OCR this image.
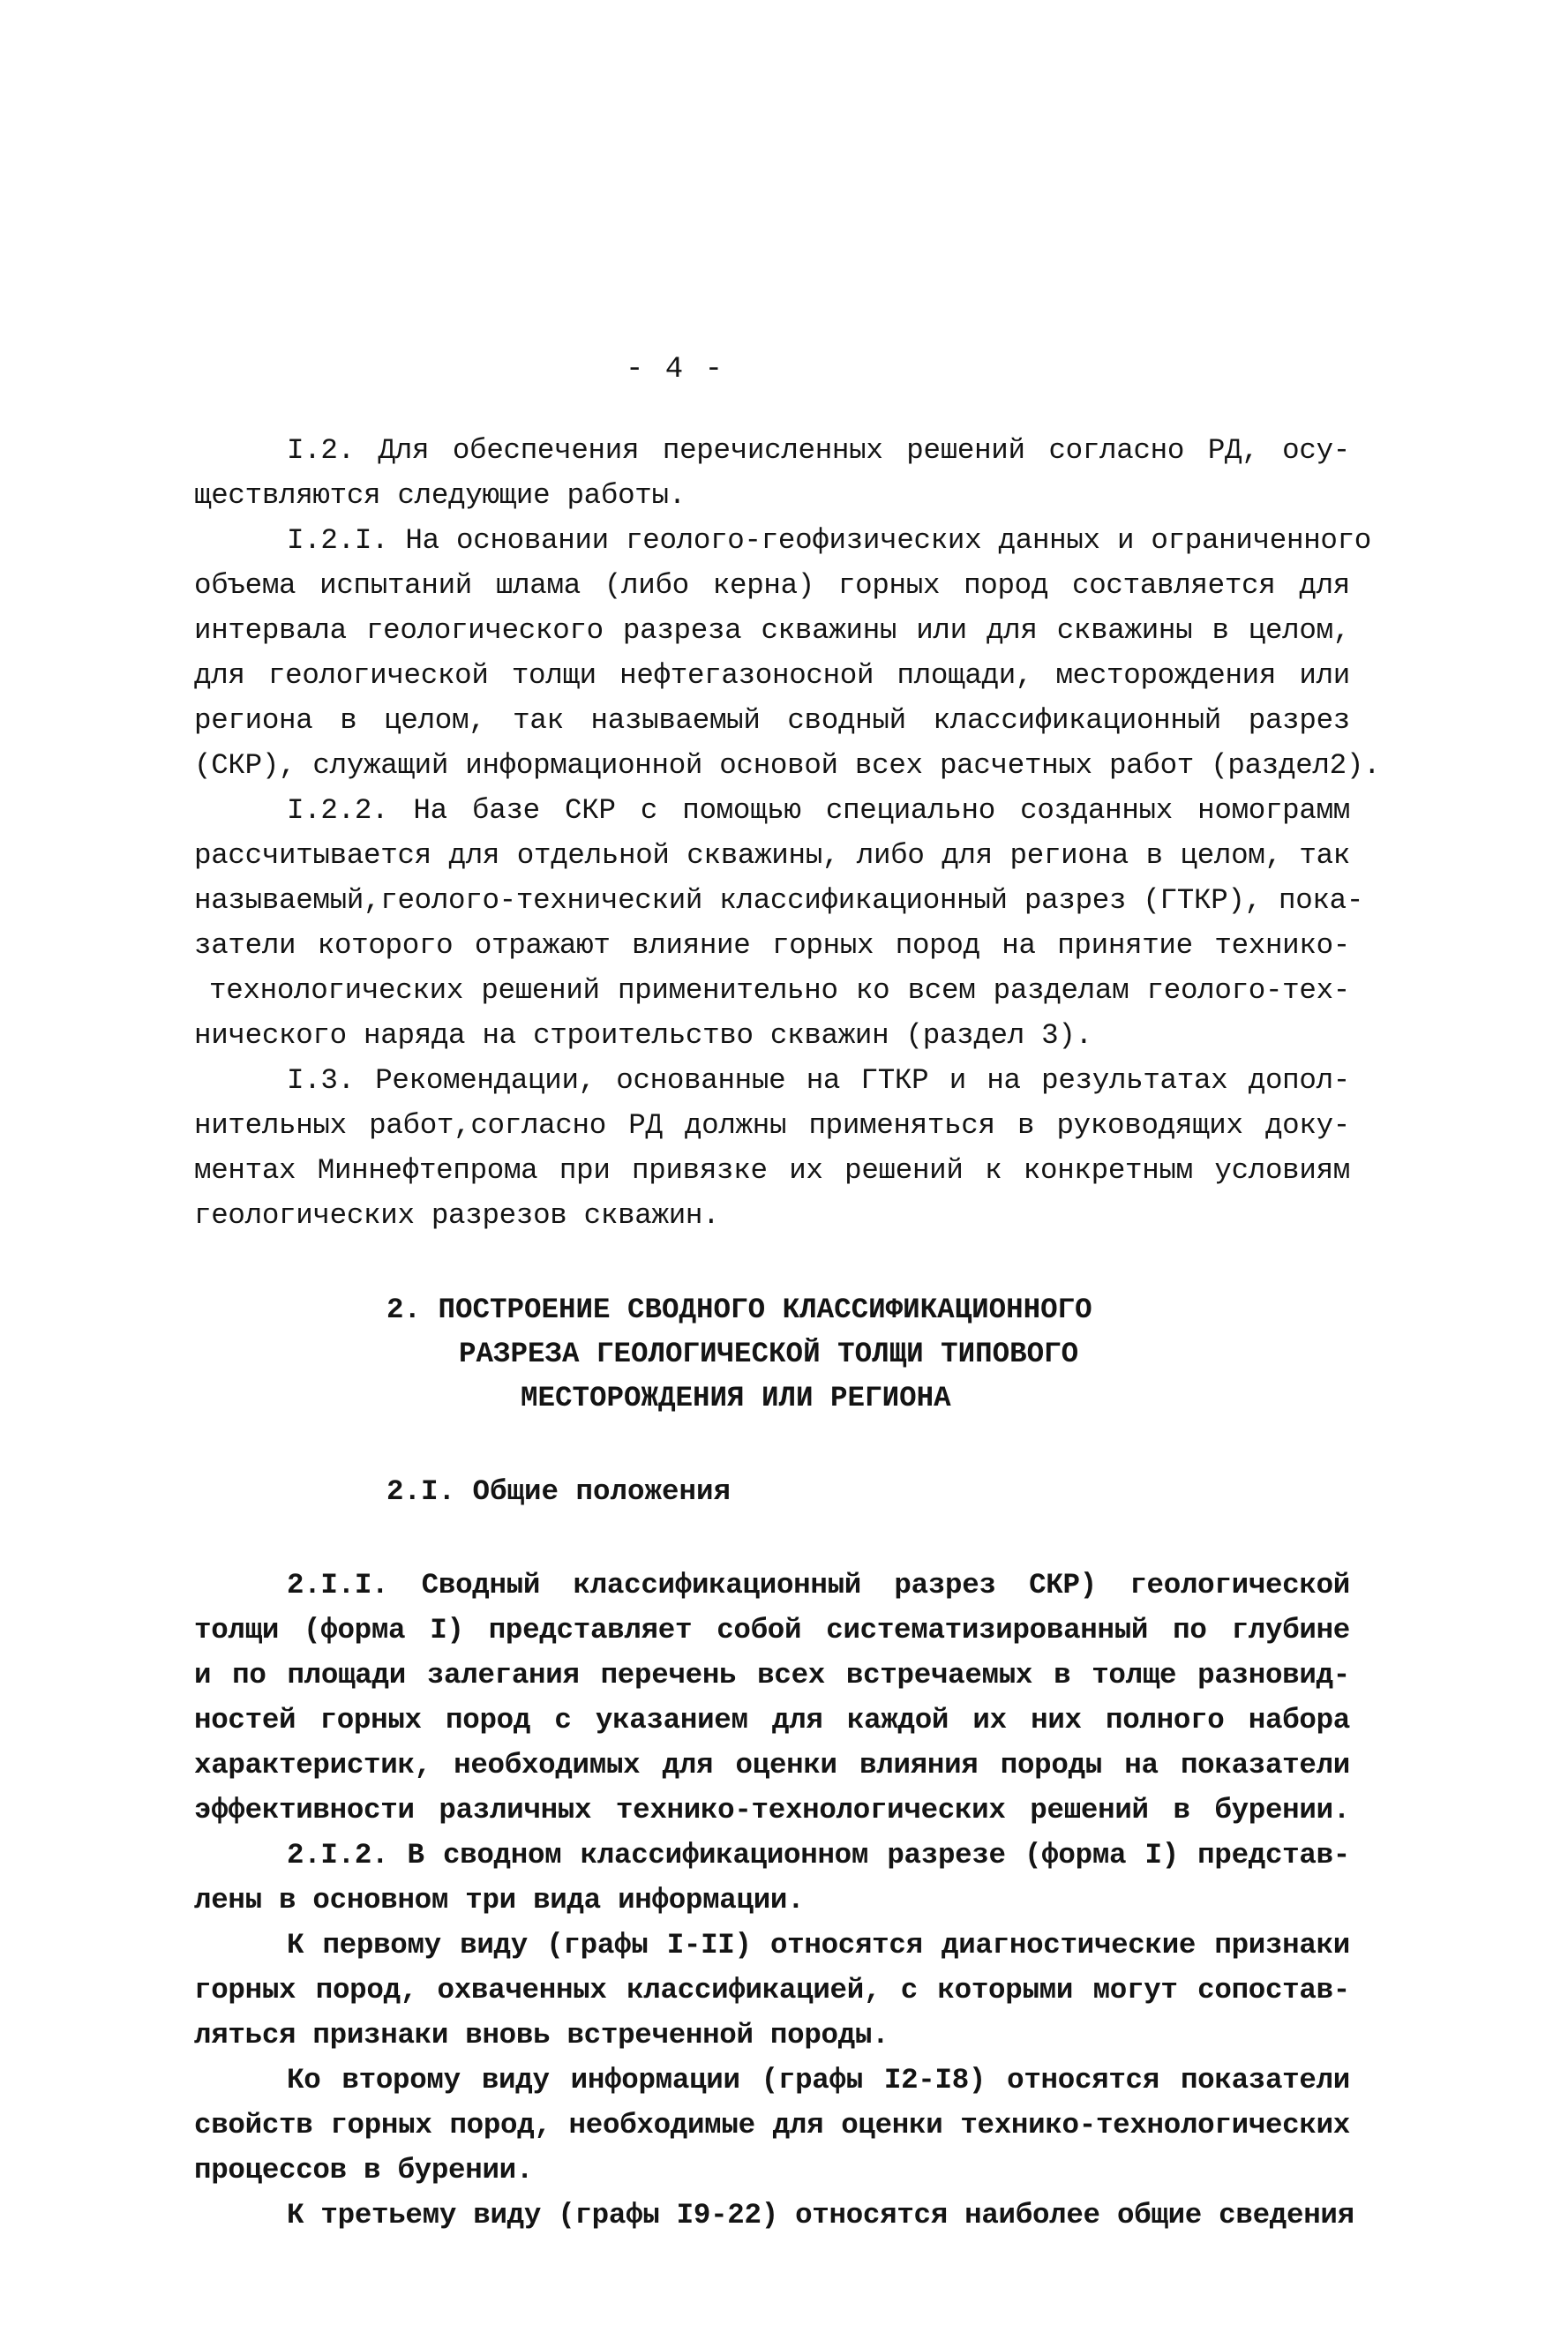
- 4 -
I.2. Для обеспечения перечисленных решений согласно РД, осу-
ществляются следующие работы.
I.2.I. На основании геолого-геофизических данных и ограниченного
объема испытаний шлама (либо керна) горных пород составляется для
интервала геологического разреза скважины или для скважины в целом,
для геологической толщи нефтегазоносной площади, месторождения или
региона в целом, так называемый сводный классификационный разрез
(СКР), служащий информационной основой всех расчетных работ (раздел2).
I.2.2. На базе СКР с помощью специально созданных номограмм
рассчитывается для отдельной скважины, либо для региона в целом, так
называемый,геолого-технический классификационный разрез (ГТКР), пока-
затели которого отражают влияние горных пород на принятие технико-
технологических решений применительно ко всем разделам геолого-тех-
нического наряда на строительство скважин (раздел 3).
I.3. Рекомендации, основанные на ГТКР и на результатах допол-
нительных работ,согласно РД должны применяться в руководящих доку-
ментах Миннефтепрома при привязке их решений к конкретным условиям
геологических разрезов скважин.
2. ПОСТРОЕНИЕ СВОДНОГО КЛАССИФИКАЦИОННОГО
РАЗРЕЗА ГЕОЛОГИЧЕСКОЙ ТОЛЩИ ТИПОВОГО
МЕСТОРОЖДЕНИЯ ИЛИ РЕГИОНА
2.I. Общие положения
2.I.I. Сводный классификационный разрез СКР) геологической
толщи (форма I) представляет собой систематизированный по глубине
и по площади залегания перечень всех встречаемых в толще разновид-
ностей горных пород с указанием для каждой их них полного набора
характеристик, необходимых для оценки влияния породы на показатели
эффективности различных технико-технологических решений в бурении.
2.I.2. В сводном классификационном разрезе (форма I) представ-
лены в основном три вида информации.
К первому виду (графы I-II) относятся диагностические признаки
горных пород, охваченных классификацией, с которыми могут сопостав-
ляться признаки вновь встреченной породы.
Ко второму виду информации (графы I2-I8) относятся показатели
свойств горных пород, необходимые для оценки технико-технологических
процессов в бурении.
К третьему виду (графы I9-22) относятся наиболее общие сведения
